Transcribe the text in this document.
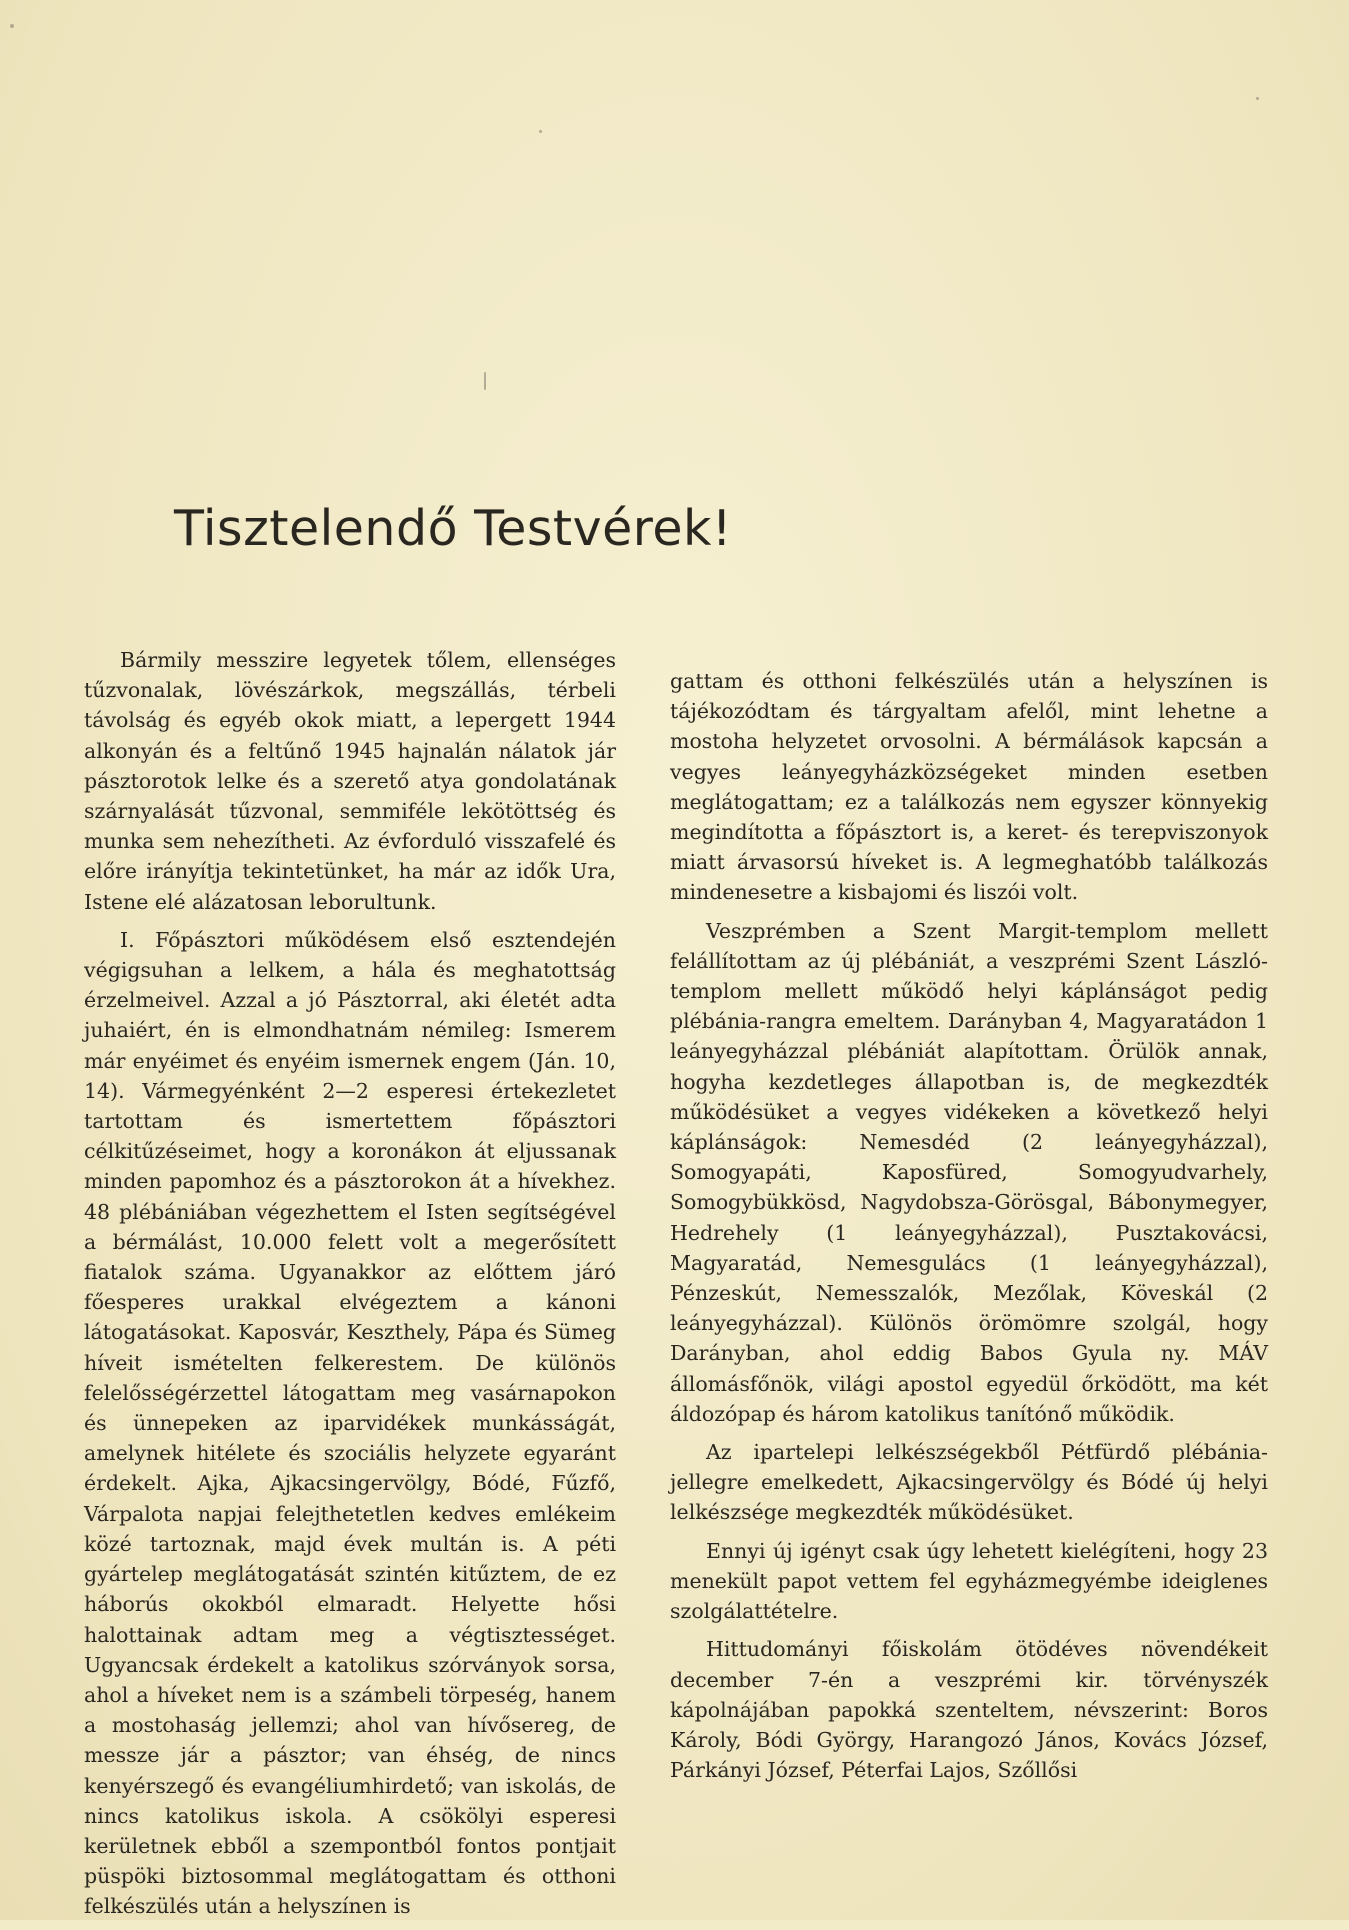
Tisztelendő Testvérek!

Bármily messzire legyetek tőlem, ellenséges tűzvonalak, lövészárkok, megszállás, térbeli távolság és egyéb okok miatt, a lepergett 1944 alkonyán és a feltűnő 1945 hajnalán nálatok jár pásztorotok lelke és a szerető atya gondolatának szárnyalását tűzvonal, semmiféle lekötöttség és munka sem nehezítheti. Az évforduló visszafelé és előre irányítja tekintetünket, ha már az idők Ura, Istene elé alázatosan leborultunk.

I. Főpásztori működésem első esztendején végigsuhan a lelkem, a hála és meghatottság érzelmeivel. Azzal a jó Pásztorral, aki életét adta juhaiért, én is elmondhatnám némileg: Ismerem már enyéimet és enyéim ismernek engem (Ján. 10, 14). Vármegyénként 2—2 esperesi értekezletet tartottam és ismertettem főpásztori célkitűzéseimet, hogy a koronákon át eljussanak minden papomhoz és a pásztorokon át a hívekhez. 48 plébániában végezhettem el Isten segítségével a bérmálást, 10.000 felett volt a megerősített fiatalok száma. Ugyanakkor az előttem járó főesperes urakkal elvégeztem a kánoni látogatásokat. Kaposvár, Keszthely, Pápa és Sümeg híveit ismételten felkerestem. De különös felelősségérzettel látogattam meg vasárnapokon és ünnepeken az iparvidékek munkásságát, amelynek hitélete és szociális helyzete egyaránt érdekelt. Ajka, Ajkacsingervölgy, Bódé, Fűzfő, Várpalota napjai felejthetetlen kedves emlékeim közé tartoznak, majd évek multán is. A péti gyártelep meglátogatását szintén kitűztem, de ez háborús okokból elmaradt. Helyette hősi halottainak adtam meg a végtisztességet. Ugyancsak érdekelt a katolikus szórványok sorsa, ahol a híveket nem is a számbeli törpeség, hanem a mostohaság jellemzi; ahol van hívősereg, de messze jár a pásztor; van éhség, de nincs kenyérszegő és evangéliumhirdető; van iskolás, de nincs katolikus iskola. A csökölyi esperesi kerületnek ebből a szempontból fontos pontjait püspöki biztosommal meglátogattam és otthoni felkészülés után a helyszínen is

gattam és otthoni felkészülés után a helyszínen is tájékozódtam és tárgyaltam afelől, mint lehetne a mostoha helyzetet orvosolni. A bérmálások kapcsán a vegyes leányegyházközségeket minden esetben meglátogattam; ez a találkozás nem egyszer könnyekig megindította a főpásztort is, a keret- és terepviszonyok miatt árvasorsú híveket is. A legmeghatóbb találkozás mindenesetre a kisbajomi és liszói volt.

Veszprémben a Szent Margit-templom mellett felállítottam az új plébániát, a veszprémi Szent László-templom mellett működő helyi káplánságot pedig plébánia-rangra emeltem. Darányban 4, Magyaratádon 1 leányegyházzal plébániát alapítottam. Örülök annak, hogyha kezdetleges állapotban is, de megkezdték működésüket a vegyes vidékeken a következő helyi káplánságok: Nemesdéd (2 leányegyházzal), Somogyapáti, Kaposfüred, Somogyudvarhely, Somogybükkösd, Nagydobsza-Görösgal, Bábonymegyer, Hedrehely (1 leányegyházzal), Pusztakovácsi, Magyaratád, Nemesgulács (1 leányegyházzal), Pénzeskút, Nemesszalók, Mezőlak, Köveskál (2 leányegyházzal). Különös örömömre szolgál, hogy Darányban, ahol eddig Babos Gyula ny. MÁV állomásfőnök, világi apostol egyedül őrködött, ma két áldozópap és három katolikus tanítónő működik.

Az ipartelepi lelkészségekből Pétfürdő plébánia-jellegre emelkedett, Ajkacsingervölgy és Bódé új helyi lelkészsége megkezdték működésüket.

Ennyi új igényt csak úgy lehetett kielégíteni, hogy 23 menekült papot vettem fel egyházmegyémbe ideiglenes szolgálattételre.

Hittudományi főiskolám ötödéves növendékeit december 7-én a veszprémi kir. törvényszék kápolnájában papokká szenteltem, névszerint: Boros Károly, Bódi György, Harangozó János, Kovács József, Párkányi József, Péterfai Lajos, Szőllősi
